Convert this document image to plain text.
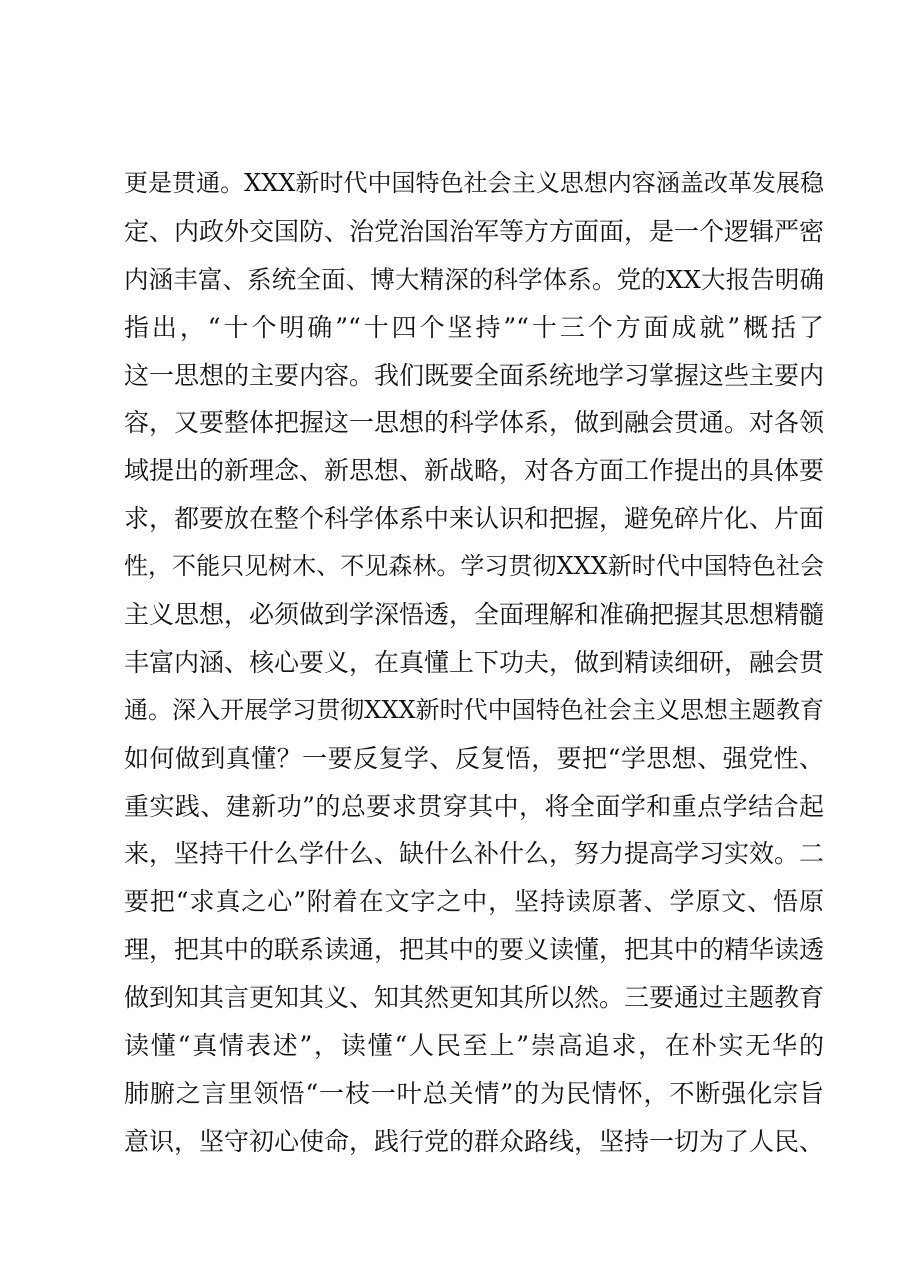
更是贯通。XXX新时代中国特色社会主义思想内容涵盖改革发展稳
定、内政外交国防、治党治国治军等方方面面，是一个逻辑严密
内涵丰富、系统全面、博大精深的科学体系。党的XX大报告明确
指出，“十个明确”“十四个坚持”“十三个方面成就”概括了
这一思想的主要内容。我们既要全面系统地学习掌握这些主要内
容，又要整体把握这一思想的科学体系，做到融会贯通。对各领
域提出的新理念、新思想、新战略，对各方面工作提出的具体要
求，都要放在整个科学体系中来认识和把握，避免碎片化、片面
性，不能只见树木、不见森林。学习贯彻XXX新时代中国特色社会
主义思想，必须做到学深悟透，全面理解和准确把握其思想精髓
丰富内涵、核心要义，在真懂上下功夫，做到精读细研，融会贯
通。深入开展学习贯彻XXX新时代中国特色社会主义思想主题教育
如何做到真懂？一要反复学、反复悟，要把“学思想、强党性、
重实践、建新功”的总要求贯穿其中，将全面学和重点学结合起
来，坚持干什么学什么、缺什么补什么，努力提高学习实效。二
要把“求真之心”附着在文字之中，坚持读原著、学原文、悟原
理，把其中的联系读通，把其中的要义读懂，把其中的精华读透
做到知其言更知其义、知其然更知其所以然。三要通过主题教育
读懂“真情表述”，读懂“人民至上”崇高追求，在朴实无华的
肺腑之言里领悟“一枝一叶总关情”的为民情怀，不断强化宗旨
意识，坚守初心使命，践行党的群众路线，坚持一切为了人民、
